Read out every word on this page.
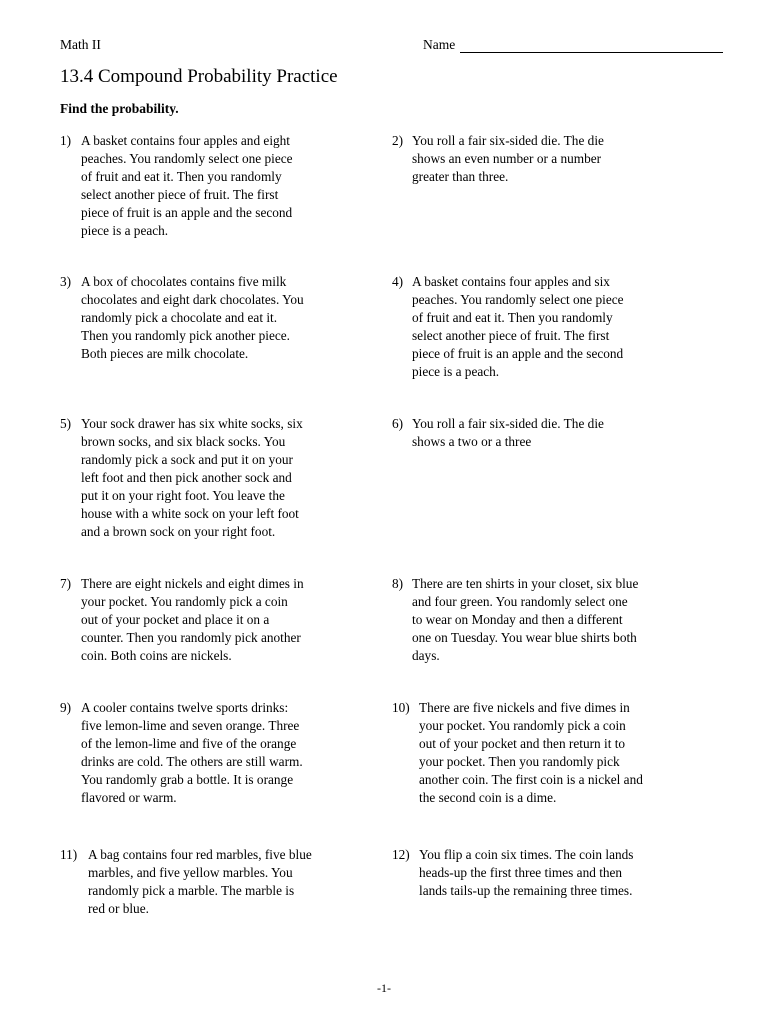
Math II	Name
13.4 Compound Probability Practice
Find the probability.
1) A basket contains four apples and eight
peaches. You randomly select one piece
of fruit and eat it. Then you randomly
select another piece of fruit. The first
piece of fruit is an apple and the second
piece is a peach.
2) You roll a fair six-sided die. The die
shows an even number or a number
greater than three.
3) A box of chocolates contains five milk
chocolates and eight dark chocolates. You
randomly pick a chocolate and eat it.
Then you randomly pick another piece.
Both pieces are milk chocolate.
4) A basket contains four apples and six
peaches. You randomly select one piece
of fruit and eat it. Then you randomly
select another piece of fruit. The first
piece of fruit is an apple and the second
piece is a peach.
5) Your sock drawer has six white socks, six
brown socks, and six black socks. You
randomly pick a sock and put it on your
left foot and then pick another sock and
put it on your right foot. You leave the
house with a white sock on your left foot
and a brown sock on your right foot.
6) You roll a fair six-sided die. The die
shows a two or a three
7) There are eight nickels and eight dimes in
your pocket. You randomly pick a coin
out of your pocket and place it on a
counter. Then you randomly pick another
coin. Both coins are nickels.
8) There are ten shirts in your closet, six blue
and four green. You randomly select one
to wear on Monday and then a different
one on Tuesday. You wear blue shirts both
days.
9) A cooler contains twelve sports drinks:
five lemon-lime and seven orange. Three
of the lemon-lime and five of the orange
drinks are cold. The others are still warm.
You randomly grab a bottle. It is orange
flavored or warm.
10) There are five nickels and five dimes in
your pocket. You randomly pick a coin
out of your pocket and then return it to
your pocket. Then you randomly pick
another coin. The first coin is a nickel and
the second coin is a dime.
11) A bag contains four red marbles, five blue
marbles, and five yellow marbles. You
randomly pick a marble. The marble is
red or blue.
12) You flip a coin six times. The coin lands
heads-up the first three times and then
lands tails-up the remaining three times.
-1-
